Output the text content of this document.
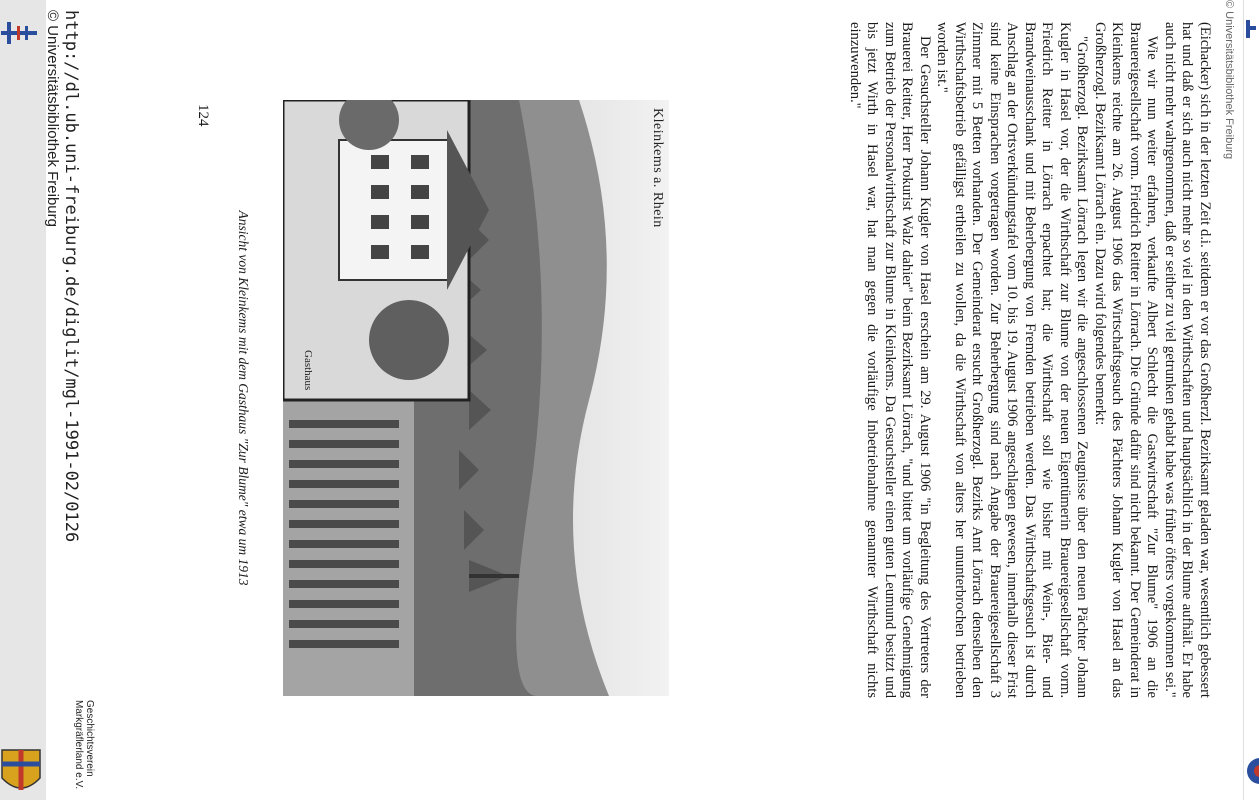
© Universitätsbibliothek Freiburg

(Eichacker) sich in der letzten Zeit d.i. seitdem er vor das Großherzl. Bezirksamt geladen war, wesentlich gebessert hat und daß er sich auch nicht mehr so viel in den Wirthschaften und hauptsächlich in der Blume aufhält. Er habe auch nicht mehr wahrgenommen, daß er seither zu viel getrunken gehabt habe was früher öfters vorgekommen sei."

Wie wir nun weiter erfahren, verkaufte Albert Schlecht die Gastwirtschaft "Zur Blume" 1906 an die Brauereigesellschaft vorm. Friedrich Reitter in Lörrach. Die Gründe dafür sind nicht bekannt. Der Gemeinderat in Kleinkems reichte am 26. August 1906 das Wirtschaftsgesuch des Pächters Johann Kugler von Hasel an das Großherzogl. Bezirksamt Lörrach ein. Dazu wird folgendes bemerkt:

"Großherzogl. Bezirksamt Lörrach legen wir die angeschlossenen Zeugnisse über den neuen Pächter Johann Kugler in Hasel vor, der die Wirthschaft zur Blume von der neuen Eigentümerin Brauereigesellschaft vorm. Friedrich Reitter in Lörrach erpachtet hat; die Wirthschaft soll wie bisher mit Wein-, Bier- und Brandweinausschank und mit Beherbergung von Fremden betrieben werden. Das Wirthschaftsgesuch ist durch Anschlag an der Ortsverkündungstafel vom 10. bis 19. August 1906 angeschlagen gewesen, innerhalb dieser Frist sind keine Einsprachen vorgetragen worden. Zur Beherbergung sind nach Angabe der Brauereigesellschaft 3 Zimmer mit 5 Betten vorhanden. Der Gemeinderat ersucht Großherzogl. Bezirks Amt Lörrach denselben den Wirthschaftsbetrieb gefälligst ertheilen zu wollen, da die Wirthschaft von alters her ununterbrochen betrieben worden ist."

Der Gesuchsteller Johann Kugler von Hasel erschein am 29. August 1906 "in Begleitung des Vertreters der Brauerei Reitter, Herr Prokurist Walz dahier" beim Bezirksamt Lörrach, "und bittet um vorläufige Genehmigung zum Betrieb der Personalwirthschaft zur Blume in Kleinkems. Da Gesuchsteller einen guten Leumund besitzt und bis jetzt Wirth in Hasel war, hat man gegen die vorläufige Inbetriebnahme genannter Wirthschaft nichts einzuwenden."

Kleinkems a. Rhein
Gasthaus
Ansicht von Kleinkems mit dem Gasthaus "Zur Blume" etwa um 1913
124
http://dl.ub.uni-freiburg.de/diglit/mgl-1991-02/0126
© Universitätsbibliothek Freiburg
Geschichtsverein
Markgräflerland e.V.
